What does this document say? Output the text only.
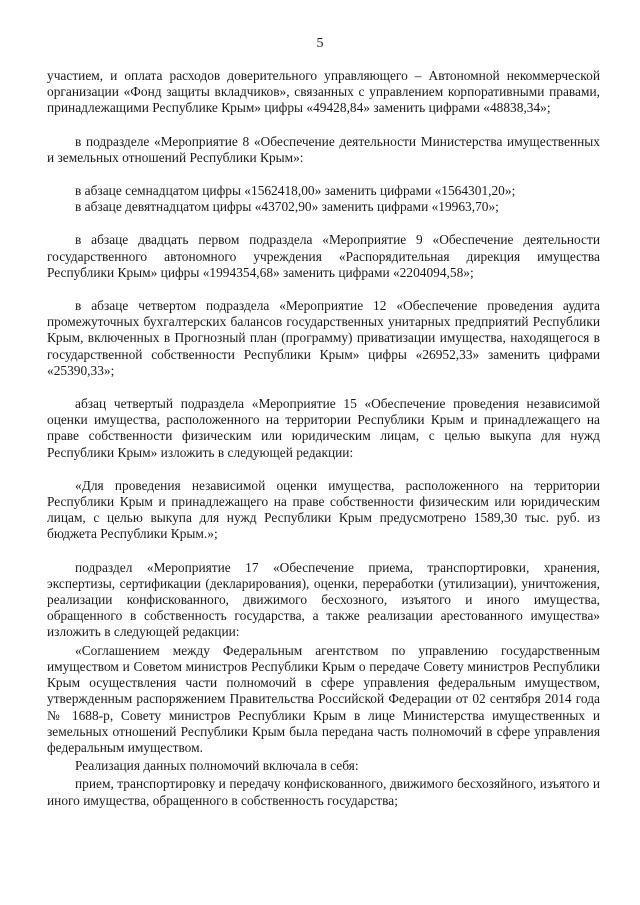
5

участием, и оплата расходов доверительного управляющего – Автономной некоммерческой организации «Фонд защиты вкладчиков», связанных с управлением корпоративными правами, принадлежащими Республике Крым» цифры «49428,84» заменить цифрами «48838,34»;

в подразделе «Мероприятие 8 «Обеспечение деятельности Министерства имущественных и земельных отношений Республики Крым»:

в абзаце семнадцатом цифры «1562418,00» заменить цифрами «1564301,20»;

в абзаце девятнадцатом цифры «43702,90» заменить цифрами «19963,70»;

в абзаце двадцать первом подраздела «Мероприятие 9 «Обеспечение деятельности государственного автономного учреждения «Распорядительная дирекция имущества Республики Крым» цифры «1994354,68» заменить цифрами «2204094,58»;

в абзаце четвертом подраздела «Мероприятие 12 «Обеспечение проведения аудита промежуточных бухгалтерских балансов государственных унитарных предприятий Республики Крым, включенных в Прогнозный план (программу) приватизации имущества, находящегося в государственной собственности Республики Крым» цифры «26952,33» заменить цифрами «25390,33»;

абзац четвертый подраздела «Мероприятие 15 «Обеспечение проведения независимой оценки имущества, расположенного на территории Республики Крым и принадлежащего на праве собственности физическим или юридическим лицам, с целью выкупа для нужд Республики Крым» изложить в следующей редакции:

«Для проведения независимой оценки имущества, расположенного на территории Республики Крым и принадлежащего на праве собственности физическим или юридическим лицам, с целью выкупа для нужд Республики Крым предусмотрено 1589,30 тыс. руб. из бюджета Республики Крым.»;

подраздел «Мероприятие 17 «Обеспечение приема, транспортировки, хранения, экспертизы, сертификации (декларирования), оценки, переработки (утилизации), уничтожения, реализации конфискованного, движимого бесхозного, изъятого и иного имущества, обращенного в собственность государства, а также реализации арестованного имущества» изложить в следующей редакции:

«Соглашением между Федеральным агентством по управлению государственным имуществом и Советом министров Республики Крым о передаче Совету министров Республики Крым осуществления части полномочий в сфере управления федеральным имуществом, утвержденным распоряжением Правительства Российской Федерации от 02 сентября 2014 года № 1688-р, Совету министров Республики Крым в лице Министерства имущественных и земельных отношений Республики Крым была передана часть полномочий в сфере управления федеральным имуществом.

Реализация данных полномочий включала в себя:

прием, транспортировку и передачу конфискованного, движимого бесхозяйного, изъятого и иного имущества, обращенного в собственность государства;
